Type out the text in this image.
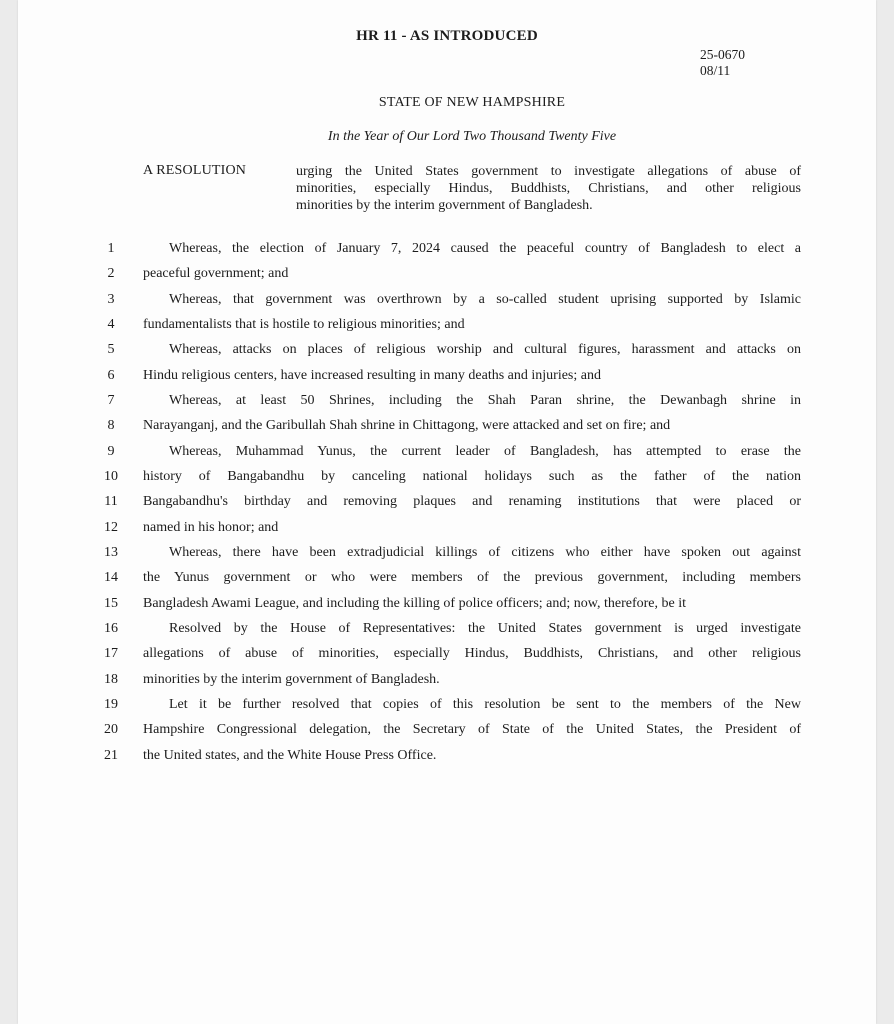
HR 11 - AS INTRODUCED
25-0670
08/11
STATE OF NEW HAMPSHIRE
In the Year of Our Lord Two Thousand Twenty Five
A RESOLUTION	urging the United States government to investigate allegations of abuse of
minorities, especially Hindus, Buddhists, Christians, and other religious
minorities by the interim government of Bangladesh.
1	Whereas, the election of January 7, 2024 caused the peaceful country of Bangladesh to elect a
2	peaceful government; and
3	Whereas, that government was overthrown by a so-called student uprising supported by Islamic
4	fundamentalists that is hostile to religious minorities; and
5	Whereas, attacks on places of religious worship and cultural figures, harassment and attacks on
6	Hindu religious centers, have increased resulting in many deaths and injuries; and
7	Whereas, at least 50 Shrines, including the Shah Paran shrine, the Dewanbagh shrine in
8	Narayanganj, and the Garibullah Shah shrine in Chittagong, were attacked and set on fire; and
9	Whereas, Muhammad Yunus, the current leader of Bangladesh, has attempted to erase the
10	history of Bangabandhu by canceling national holidays such as the father of the nation
11	Bangabandhu's birthday and removing plaques and renaming institutions that were placed or
12	named in his honor; and
13	Whereas, there have been extradjudicial killings of citizens who either have spoken out against
14	the Yunus government or who were members of the previous government, including members
15	Bangladesh Awami League, and including the killing of police officers; and; now, therefore, be it
16	Resolved by the House of Representatives: the United States government is urged investigate
17	allegations of abuse of minorities, especially Hindus, Buddhists, Christians, and other religious
18	minorities by the interim government of Bangladesh.
19	Let it be further resolved that copies of this resolution be sent to the members of the New
20	Hampshire Congressional delegation, the Secretary of State of the United States, the President of
21	the United states, and the White House Press Office.
